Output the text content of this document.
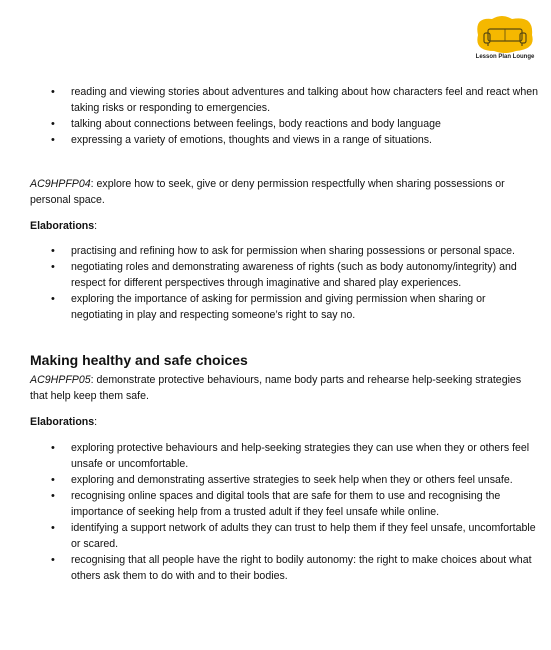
Lesson Plan Lounge
• reading and viewing stories about adventures and talking about how characters feel and react when taking risks or responding to emergencies.
• talking about connections between feelings, body reactions and body language
• expressing a variety of emotions, thoughts and views in a range of situations.

AC9HPFP04: explore how to seek, give or deny permission respectfully when sharing possessions or personal space.

Elaborations:

• practising and refining how to ask for permission when sharing possessions or personal space.
• negotiating roles and demonstrating awareness of rights (such as body autonomy/integrity) and respect for different perspectives through imaginative and shared play experiences.
• exploring the importance of asking for permission and giving permission when sharing or negotiating in play and respecting someone’s right to say no.
Making healthy and safe choices

AC9HPFP05: demonstrate protective behaviours, name body parts and rehearse help-seeking strategies that help keep them safe.

Elaborations:

• exploring protective behaviours and help-seeking strategies they can use when they or others feel unsafe or uncomfortable.
• exploring and demonstrating assertive strategies to seek help when they or others feel unsafe.
• recognising online spaces and digital tools that are safe for them to use and recognising the importance of seeking help from a trusted adult if they feel unsafe while online.
• identifying a support network of adults they can trust to help them if they feel unsafe, uncomfortable or scared.
• recognising that all people have the right to bodily autonomy: the right to make choices about what others ask them to do with and to their bodies.
